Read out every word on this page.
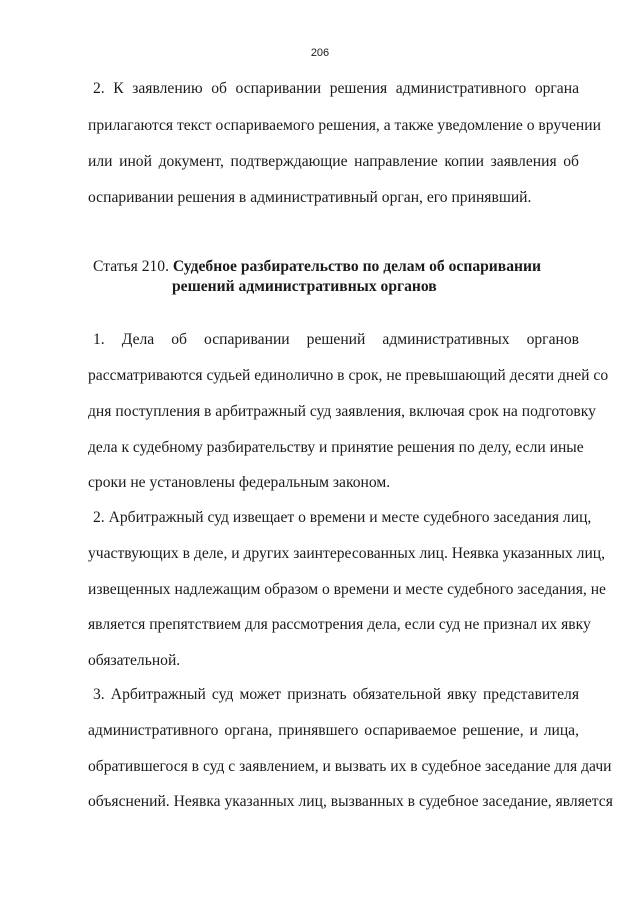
206
2. К заявлению об оспаривании решения административного органа
прилагаются текст оспариваемого решения, а также уведомление о вручении
или иной документ, подтверждающие направление копии заявления об
оспаривании решения в административный орган, его принявший.
Статья 210. Судебное разбирательство по делам об оспаривании
решений административных органов
1. Дела об оспаривании решений административных органов
рассматриваются судьей единолично в срок, не превышающий десяти дней со
дня поступления в арбитражный суд заявления, включая срок на подготовку
дела к судебному разбирательству и принятие решения по делу, если иные
сроки не установлены федеральным законом.
2. Арбитражный суд извещает о времени и месте судебного заседания лиц,
участвующих в деле, и других заинтересованных лиц. Неявка указанных лиц,
извещенных надлежащим образом о времени и месте судебного заседания, не
является препятствием для рассмотрения дела, если суд не признал их явку
обязательной.
3. Арбитражный суд может признать обязательной явку представителя
административного органа, принявшего оспариваемое решение, и лица,
обратившегося в суд с заявлением, и вызвать их в судебное заседание для дачи
объяснений. Неявка указанных лиц, вызванных в судебное заседание, является
